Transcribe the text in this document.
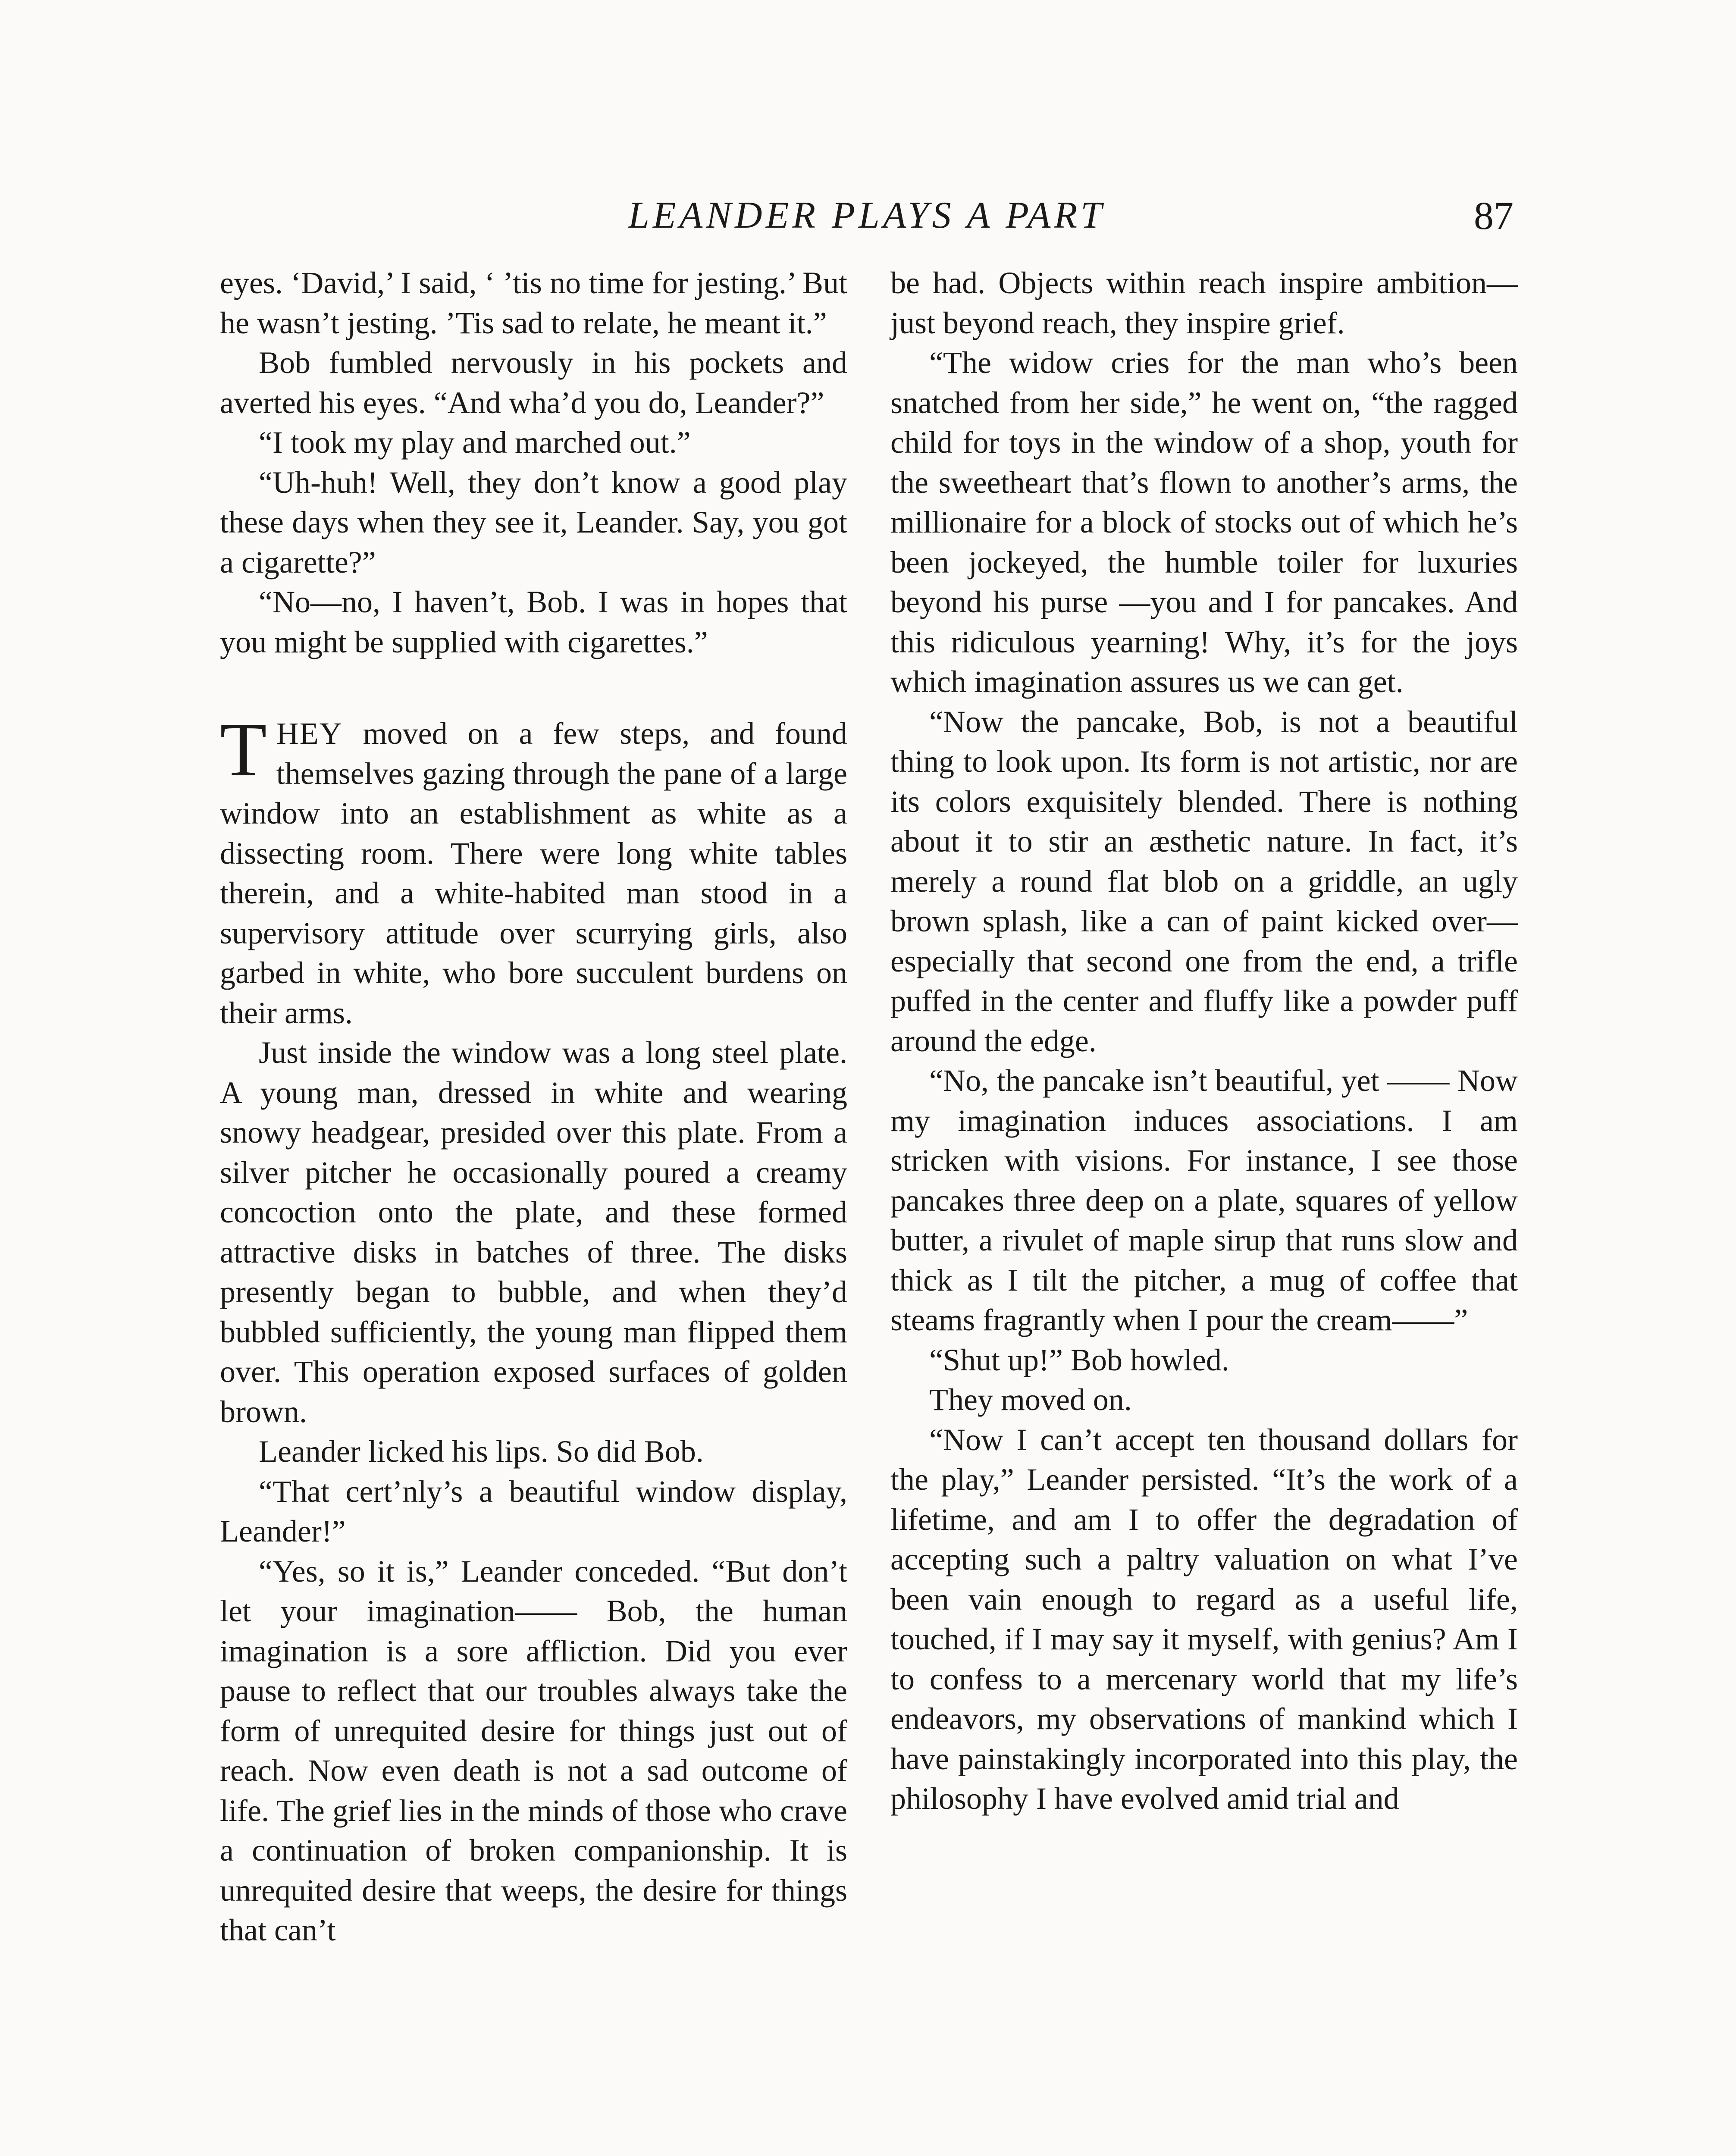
LEANDER PLAYS A PART	87

eyes. ‘David,’ I said, ‘ ’tis no time for jesting.’ But he wasn’t jesting. ’Tis sad to relate, he meant it.”

Bob fumbled nervously in his pockets and averted his eyes. “And wha’d you do, Leander?”

“I took my play and marched out.”

“Uh-huh! Well, they don’t know a good play these days when they see it, Leander. Say, you got a cigarette?”

“No—no, I haven’t, Bob. I was in hopes that you might be supplied with cigarettes.”

THEY moved on a few steps, and found themselves gazing through the pane of a large window into an establishment as white as a dissecting room. There were long white tables therein, and a white-habited man stood in a supervisory attitude over scurrying girls, also garbed in white, who bore succulent burdens on their arms.

Just inside the window was a long steel plate. A young man, dressed in white and wearing snowy headgear, presided over this plate. From a silver pitcher he occasionally poured a creamy concoction onto the plate, and these formed attractive disks in batches of three. The disks presently began to bubble, and when they’d bubbled sufficiently, the young man flipped them over. This operation exposed surfaces of golden brown.

Leander licked his lips. So did Bob.

“That cert’nly’s a beautiful window display, Leander!”

“Yes, so it is,” Leander conceded. “But don’t let your imagination—— Bob, the human imagination is a sore affliction. Did you ever pause to reflect that our troubles always take the form of unrequited desire for things just out of reach. Now even death is not a sad outcome of life. The grief lies in the minds of those who crave a continuation of broken companionship. It is unrequited desire that weeps, the desire for things that can’t

be had. Objects within reach inspire ambition—just beyond reach, they inspire grief.

“The widow cries for the man who’s been snatched from her side,” he went on, “the ragged child for toys in the window of a shop, youth for the sweetheart that’s flown to another’s arms, the millionaire for a block of stocks out of which he’s been jockeyed, the humble toiler for luxuries beyond his purse —you and I for pancakes. And this ridiculous yearning! Why, it’s for the joys which imagination assures us we can get.

“Now the pancake, Bob, is not a beautiful thing to look upon. Its form is not artistic, nor are its colors exquisitely blended. There is nothing about it to stir an æsthetic nature. In fact, it’s merely a round flat blob on a griddle, an ugly brown splash, like a can of paint kicked over—especially that second one from the end, a trifle puffed in the center and fluffy like a powder puff around the edge.

“No, the pancake isn’t beautiful, yet —— Now my imagination induces associations. I am stricken with visions. For instance, I see those pancakes three deep on a plate, squares of yellow butter, a rivulet of maple sirup that runs slow and thick as I tilt the pitcher, a mug of coffee that steams fragrantly when I pour the cream——”

“Shut up!” Bob howled.

They moved on.

“Now I can’t accept ten thousand dollars for the play,” Leander persisted. “It’s the work of a lifetime, and am I to offer the degradation of accepting such a paltry valuation on what I’ve been vain enough to regard as a useful life, touched, if I may say it myself, with genius? Am I to confess to a mercenary world that my life’s endeavors, my observations of mankind which I have painstakingly incorporated into this play, the philosophy I have evolved amid trial and
